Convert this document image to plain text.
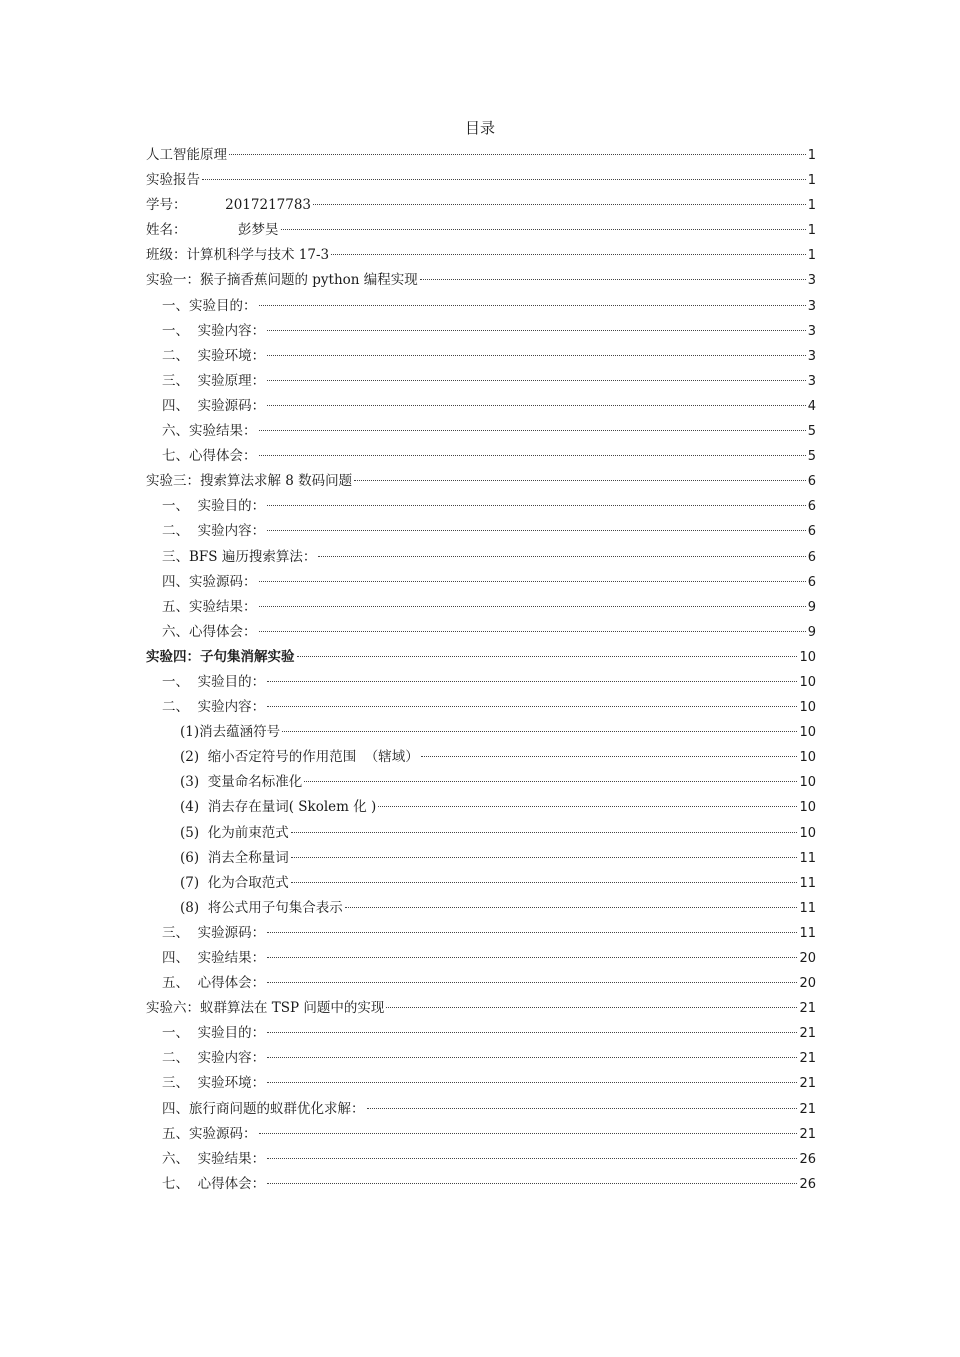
目录
人工智能原理	1
实验报告	1
学号：         2017217783	1
姓名：            彭梦昊	1
班级：计算机科学与技术 17-3	1
实验一：猴子摘香蕉问题的 python 编程实现	3
一、实验目的：	3
一、  实验内容：	3
二、  实验环境：	3
三、  实验原理：	3
四、  实验源码：	4
六、实验结果：	5
七、心得体会：	5
实验三：搜索算法求解 8 数码问题	6
一、  实验目的：	6
二、  实验内容：	6
三、BFS 遍历搜索算法：	6
四、实验源码：	6
五、实验结果：	9
六、心得体会：	9
实验四：子句集消解实验	10
一、  实验目的：	10
二、  实验内容：	10
(1)消去蕴涵符号	10
(2)  缩小否定符号的作用范围  （辖域）	10
(3)  变量命名标准化	10
(4)  消去存在量词( Skolem 化 )	10
(5)  化为前束范式	10
(6)  消去全称量词	11
(7)  化为合取范式	11
(8)  将公式用子句集合表示	11
三、  实验源码：	11
四、  实验结果：	20
五、  心得体会：	20
实验六：蚁群算法在 TSP 问题中的实现	21
一、  实验目的：	21
二、  实验内容：	21
三、  实验环境：	21
四、旅行商问题的蚁群优化求解：	21
五、实验源码：	21
六、  实验结果：	26
七、  心得体会：	26
